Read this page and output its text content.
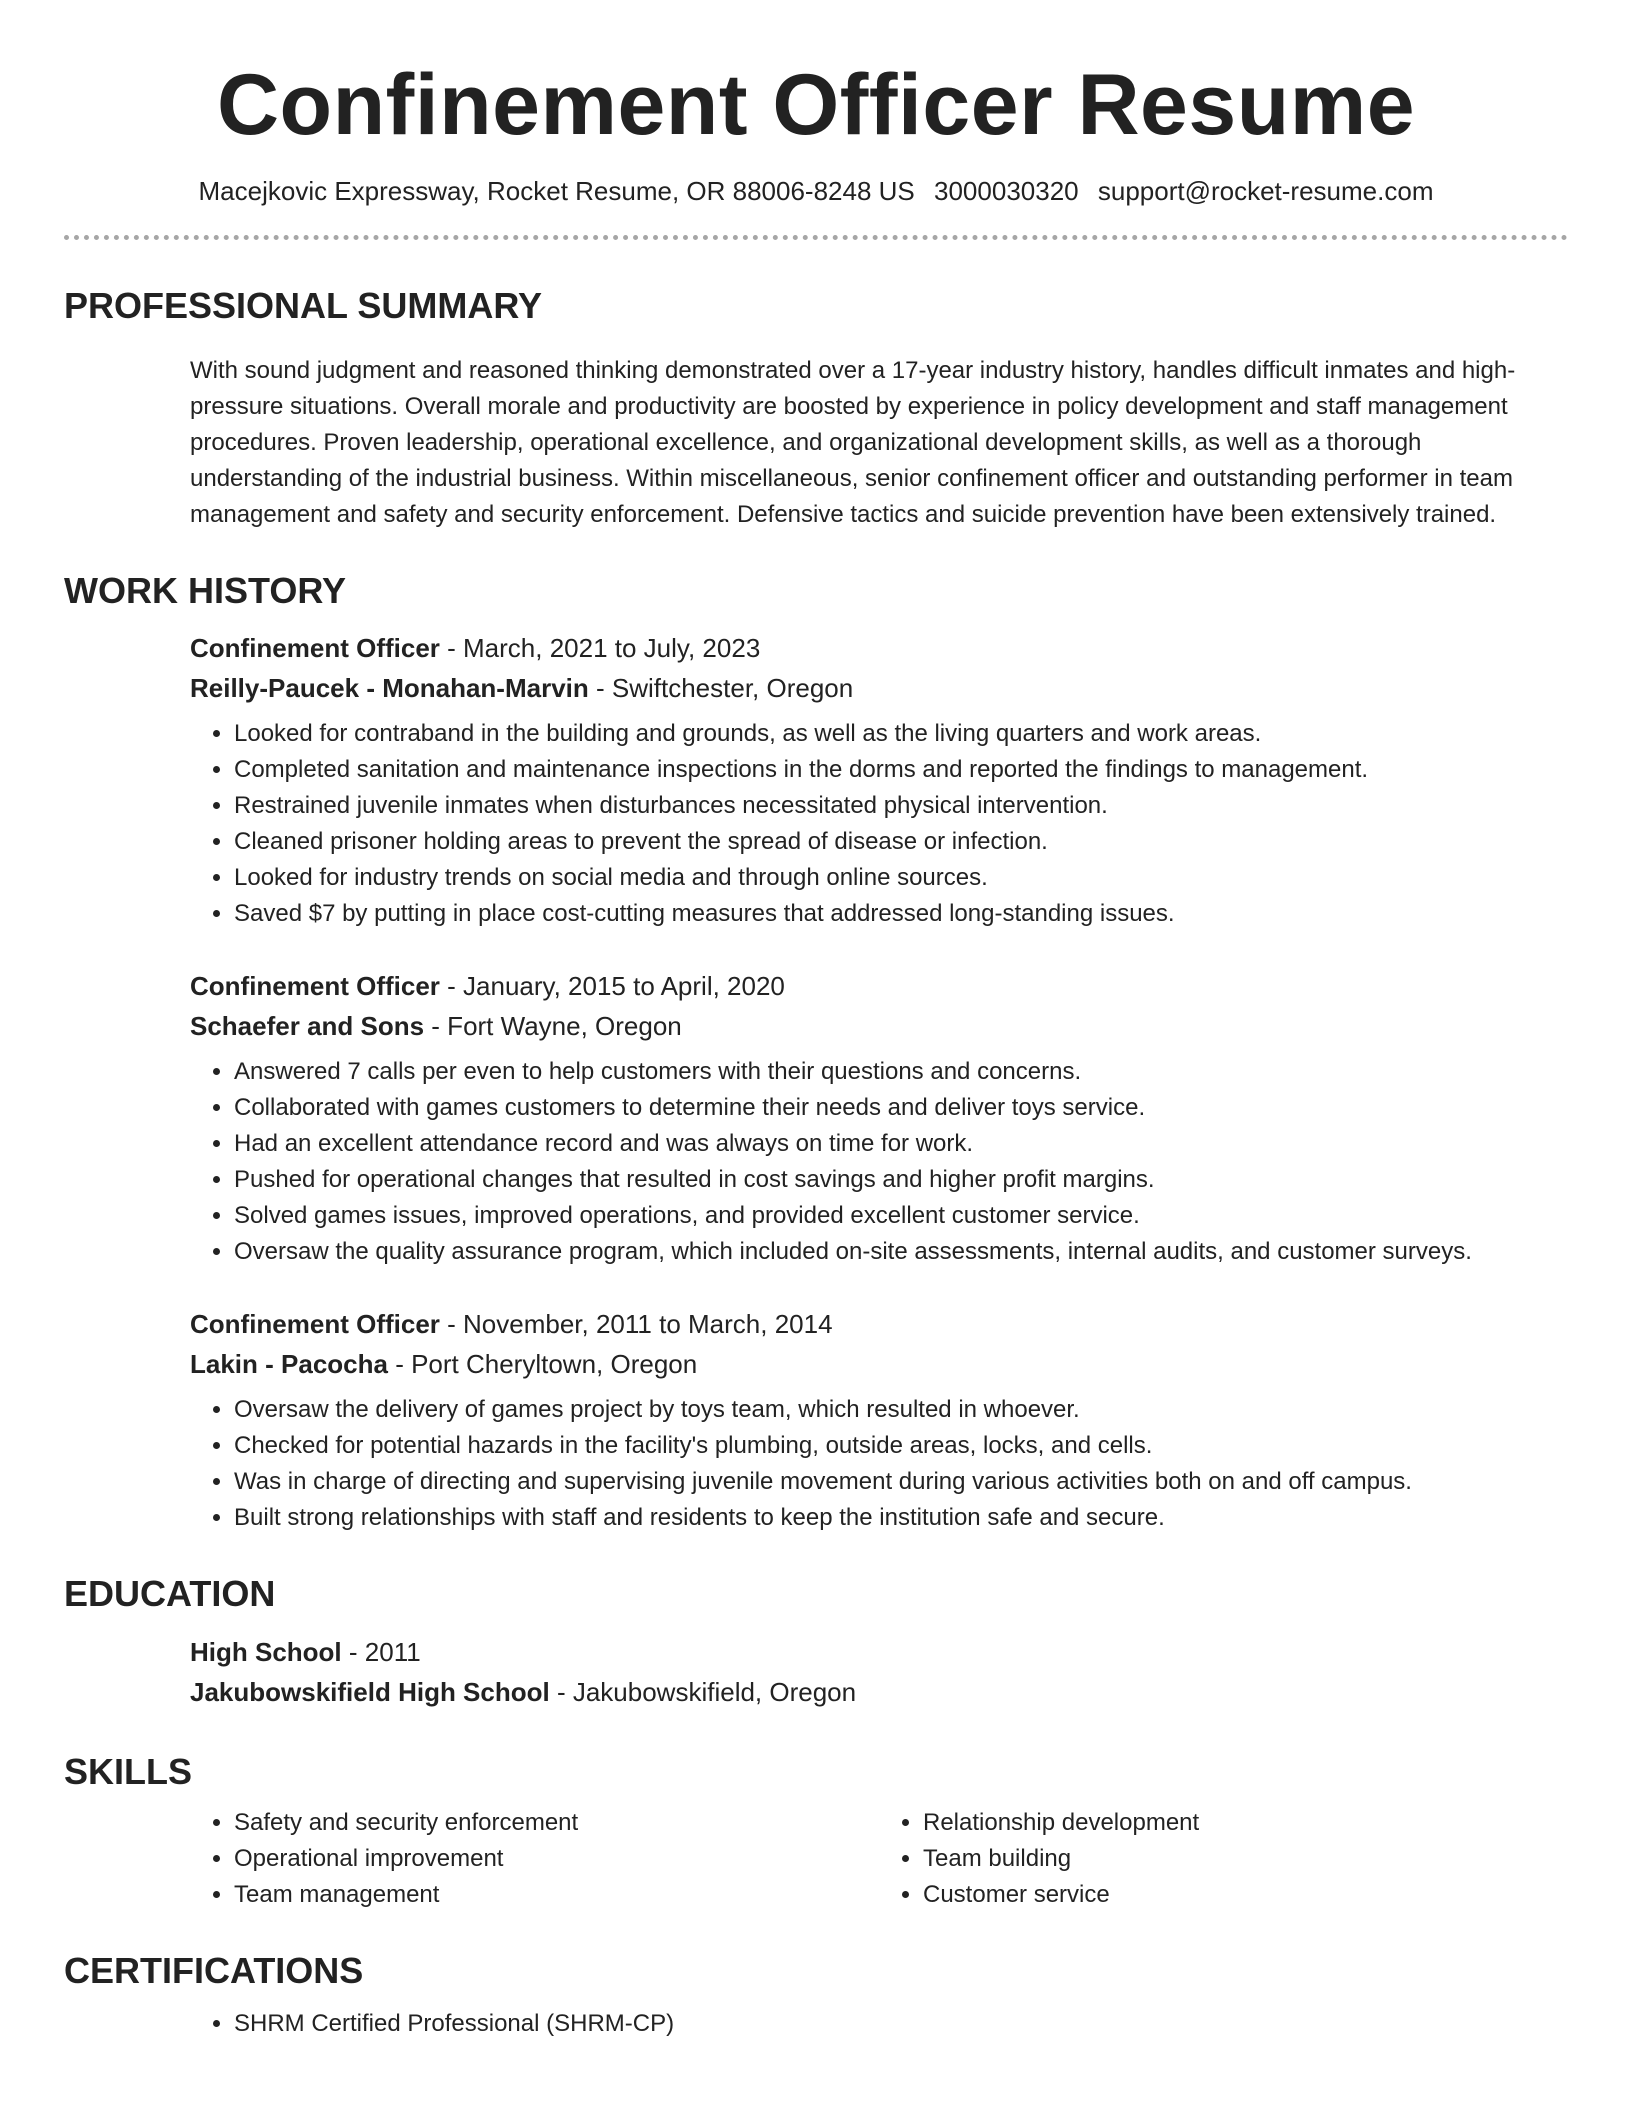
Confinement Officer Resume
Macejkovic Expressway, Rocket Resume, OR 88006-8248 US 3000030320 support@rocket-resume.com
PROFESSIONAL SUMMARY

With sound judgment and reasoned thinking demonstrated over a 17-year industry history, handles difficult inmates and high-pressure situations. Overall morale and productivity are boosted by experience in policy development and staff management procedures. Proven leadership, operational excellence, and organizational development skills, as well as a thorough understanding of the industrial business. Within miscellaneous, senior confinement officer and outstanding performer in team management and safety and security enforcement. Defensive tactics and suicide prevention have been extensively trained.

WORK HISTORY
Confinement Officer - March, 2021 to July, 2023
Reilly-Paucek - Monahan-Marvin - Swiftchester, Oregon
• Looked for contraband in the building and grounds, as well as the living quarters and work areas.
• Completed sanitation and maintenance inspections in the dorms and reported the findings to management.
• Restrained juvenile inmates when disturbances necessitated physical intervention.
• Cleaned prisoner holding areas to prevent the spread of disease or infection.
• Looked for industry trends on social media and through online sources.
• Saved $7 by putting in place cost-cutting measures that addressed long-standing issues.
Confinement Officer - January, 2015 to April, 2020
Schaefer and Sons - Fort Wayne, Oregon
• Answered 7 calls per even to help customers with their questions and concerns.
• Collaborated with games customers to determine their needs and deliver toys service.
• Had an excellent attendance record and was always on time for work.
• Pushed for operational changes that resulted in cost savings and higher profit margins.
• Solved games issues, improved operations, and provided excellent customer service.
• Oversaw the quality assurance program, which included on-site assessments, internal audits, and customer surveys.
Confinement Officer - November, 2011 to March, 2014
Lakin - Pacocha - Port Cheryltown, Oregon
• Oversaw the delivery of games project by toys team, which resulted in whoever.
• Checked for potential hazards in the facility's plumbing, outside areas, locks, and cells.
• Was in charge of directing and supervising juvenile movement during various activities both on and off campus.
• Built strong relationships with staff and residents to keep the institution safe and secure.
EDUCATION
High School - 2011
Jakubowskifield High School - Jakubowskifield, Oregon
SKILLS
• Safety and security enforcement
• Operational improvement
• Team management
• Relationship development
• Team building
• Customer service
CERTIFICATIONS
• SHRM Certified Professional (SHRM-CP)
